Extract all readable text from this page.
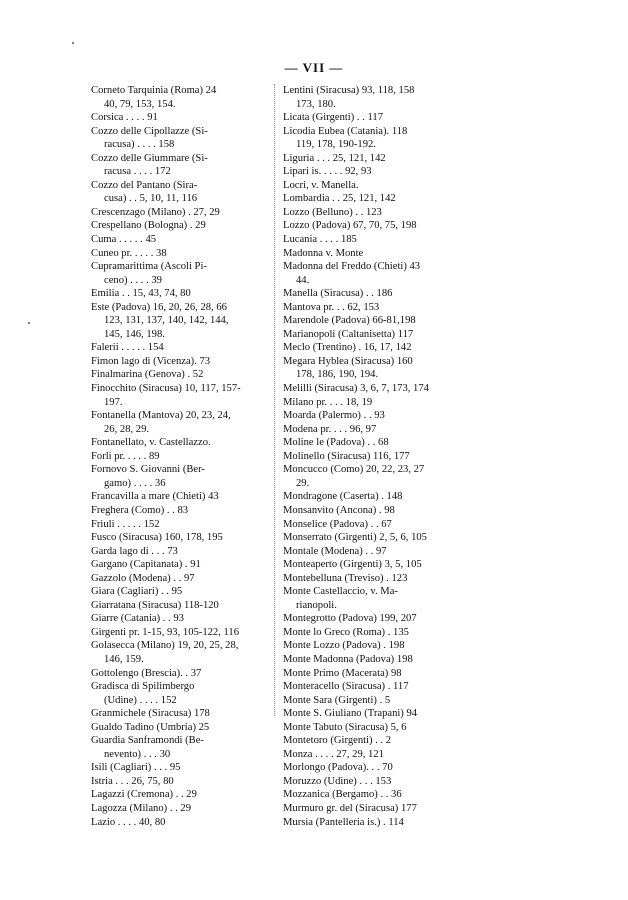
— VII —
Corneto Tarquinia (Roma) 24
40, 79, 153, 154.
Corsica . . . . 91
Cozzo delle Cipollazze (Si-
racusa) . . . . 158
Cozzo delle Giummare (Si-
racusa . . . . 172
Cozzo del Pantano (Sira-
cusa) . . 5, 10, 11, 116
Crescenzago (Milano) . 27, 29
Crespellano (Bologna) . 29
Cuma . . . . . 45
Cuneo pr. . . . . 38
Cupramarittima (Ascoli Pi-
ceno) . . . . 39
Emilia . . 15, 43, 74, 80
Este (Padova) 16, 20, 26, 28, 66
123, 131, 137, 140, 142, 144,
145, 146, 198.
Falerii . . . . . 154
Fimon lago di (Vicenza). 73
Finalmarina (Genova) . 52
Finocchito (Siracusa) 10, 117, 157-
197.
Fontanella (Mantova) 20, 23, 24,
26, 28, 29.
Fontanellato, v. Castellazzo.
Forli pr. . . . . 89
Fornovo S. Giovanni (Ber-
gamo) . . . . 36
Francavilla a mare (Chieti) 43
Freghera (Como) . . 83
Friuli . . . . . 152
Fusco (Siracusa) 160, 178, 195
Garda lago di . . . 73
Gargano (Capitanata) . 91
Gazzolo (Modena) . . 97
Giara (Cagliari) . . 95
Giarratana (Siracusa) 118-120
Giarre (Catania) . . 93
Girgenti pr. 1-15, 93, 105-122, 116
Golasecca (Milano) 19, 20, 25, 28,
146, 159.
Gottolengo (Brescia). . 37
Gradisca di Spilimbergo
(Udine) . . . . 152
Granmichele (Siracusa) 178
Gualdo Tadino (Umbria) 25
Guardia Sanframondi (Be-
nevento) . . . 30
Isili (Cagliari) . . . 95
Istria . . . 26, 75, 80
Lagazzi (Cremona) . . 29
Lagozza (Milano) . . 29
Lazio . . . . 40, 80
Lentini (Siracusa) 93, 118, 158
173, 180.
Licata (Girgenti) . . 117
Licodia Eubea (Catania). 118
119, 178, 190-192.
Liguria . . . 25, 121, 142
Lipari is. . . . . 92, 93
Locri, v. Manella.
Lombardia . . 25, 121, 142
Lozzo (Belluno) . . 123
Lozzo (Padova) 67, 70, 75, 198
Lucania . . . . 185
Madonna v. Monte
Madonna del Freddo (Chieti) 43
44.
Manella (Siracusa) . . 186
Mantova pr. . . 62, 153
Marendole (Padova) 66-81,198
Marianopoli (Caltanisetta) 117
Meclo (Trentino) . 16, 17, 142
Megara Hyblea (Siracusa) 160
178, 186, 190, 194.
Melilli (Siracusa) 3, 6, 7, 173, 174
Milano pr. . . . 18, 19
Moarda (Palermo) . . 93
Modena pr. . . . 96, 97
Moline le (Padova) . . 68
Molinello (Siracusa) 116, 177
Moncucco (Como) 20, 22, 23, 27
29.
Mondragone (Caserta) . 148
Monsanvito (Ancona) . 98
Monselice (Padova) . . 67
Monserrato (Girgenti) 2, 5, 6, 105
Montale (Modena) . . 97
Monteaperto (Girgenti) 3, 5, 105
Montebelluna (Treviso) . 123
Monte Castellaccio, v. Ma-
rianopoli.
Montegrotto (Padova) 199, 207
Monte lo Greco (Roma) . 135
Monte Lozzo (Padova) . 198
Monte Madonna (Padova) 198
Monte Primo (Macerata) 98
Monteracello (Siracusa) . 117
Monte Sara (Girgenti) . 5
Monte S. Giuliano (Trapani) 94
Monte Tabuto (Siracusa) 5, 6
Montetoro (Girgenti) . . 2
Monza . . . . 27, 29, 121
Morlongo (Padova). . . 70
Moruzzo (Udine) . . . 153
Mozzanica (Bergamo) . . 36
Murmuro gr. del (Siracusa) 177
Mursia (Pantelleria is.) . 114
